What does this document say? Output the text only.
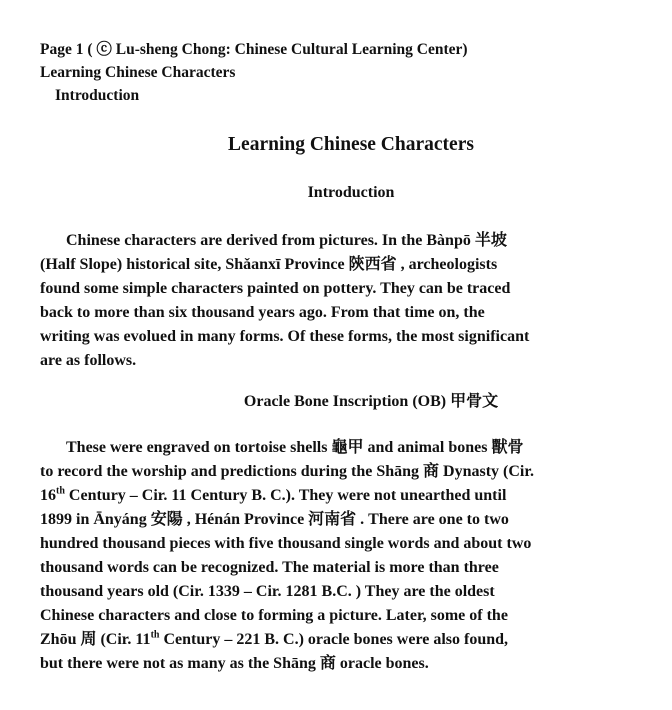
Page 1 ( ⓒ Lu-sheng Chong: Chinese Cultural Learning Center)
Learning Chinese Characters
Introduction
Learning Chinese Characters
Introduction

Chinese characters are derived from pictures. In the Bànpō 半坡
(Half Slope) historical site, Shǎanxī Province 陝西省 , archeologists
found some simple characters painted on pottery. They can be traced
back to more than six thousand years ago. From that time on, the
writing was evolued in many forms. Of these forms, the most significant
are as follows.

Oracle Bone Inscription (OB) 甲骨文

These were engraved on tortoise shells 龜甲 and animal bones 獸骨
to record the worship and predictions during the Shāng 商 Dynasty (Cir.
16th Century – Cir. 11 Century B. C.). They were not unearthed until
1899 in Ānyáng 安陽 , Hénán Province 河南省 . There are one to two
hundred thousand pieces with five thousand single words and about two
thousand words can be recognized. The material is more than three
thousand years old (Cir. 1339 – Cir. 1281 B.C. ) They are the oldest
Chinese characters and close to forming a picture. Later, some of the
Zhōu 周 (Cir. 11th Century – 221 B. C.) oracle bones were also found,
but there were not as many as the Shāng 商 oracle bones.
